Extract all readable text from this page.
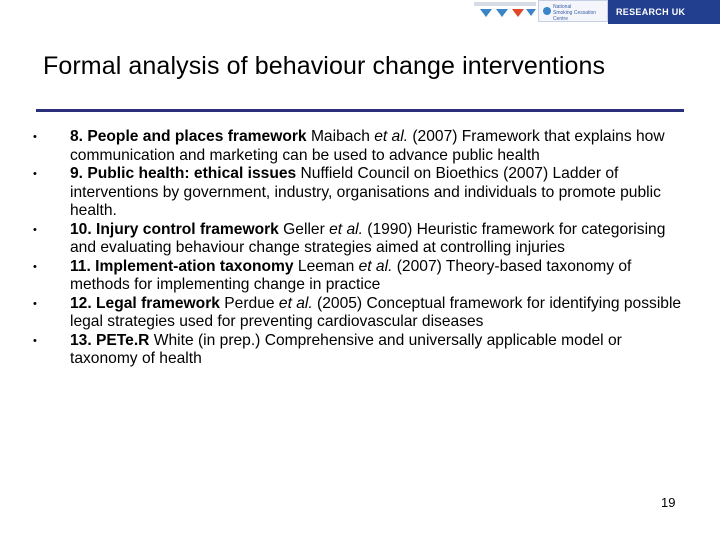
National
Smoking Cessation
Centre
RESEARCH UK
Formal analysis of behaviour change interventions
• 8. People and places framework Maibach et al. (2007) Framework that explains how communication and marketing can be used to advance public health
• 9. Public health: ethical issues Nuffield Council on Bioethics (2007) Ladder of interventions by government, industry, organisations and individuals to promote public health.
• 10. Injury control framework Geller et al. (1990) Heuristic framework for categorising and evaluating behaviour change strategies aimed at controlling injuries
• 11. Implement-ation taxonomy Leeman et al. (2007) Theory-based taxonomy of methods for implementing change in practice
• 12. Legal framework Perdue et al. (2005) Conceptual framework for identifying possible legal strategies used for preventing cardiovascular diseases
• 13. PETe.R White (in prep.) Comprehensive and universally applicable model or taxonomy of health
19
